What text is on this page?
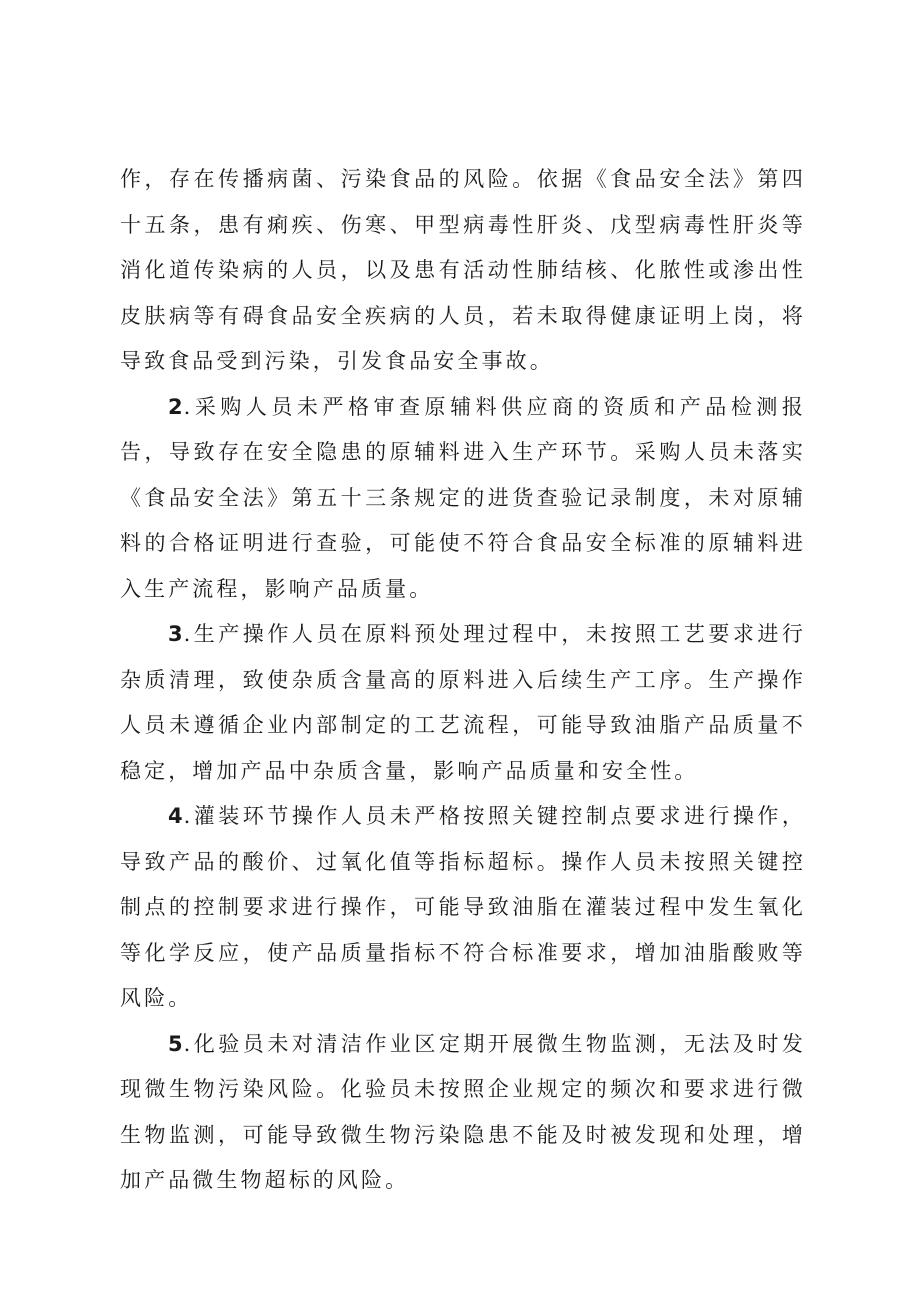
作，存在传播病菌、污染食品的风险。依据《食品安全法》第四十五条，患有痢疾、伤寒、甲型病毒性肝炎、戊型病毒性肝炎等消化道传染病的人员，以及患有活动性肺结核、化脓性或渗出性皮肤病等有碍食品安全疾病的人员，若未取得健康证明上岗，将导致食品受到污染，引发食品安全事故。

2.采购人员未严格审查原辅料供应商的资质和产品检测报告，导致存在安全隐患的原辅料进入生产环节。采购人员未落实《食品安全法》第五十三条规定的进货查验记录制度，未对原辅料的合格证明进行查验，可能使不符合食品安全标准的原辅料进入生产流程，影响产品质量。

3.生产操作人员在原料预处理过程中，未按照工艺要求进行杂质清理，致使杂质含量高的原料进入后续生产工序。生产操作人员未遵循企业内部制定的工艺流程，可能导致油脂产品质量不稳定，增加产品中杂质含量，影响产品质量和安全性。

4.灌装环节操作人员未严格按照关键控制点要求进行操作，导致产品的酸价、过氧化值等指标超标。操作人员未按照关键控制点的控制要求进行操作，可能导致油脂在灌装过程中发生氧化等化学反应，使产品质量指标不符合标准要求，增加油脂酸败等风险。

5.化验员未对清洁作业区定期开展微生物监测，无法及时发现微生物污染风险。化验员未按照企业规定的频次和要求进行微生物监测，可能导致微生物污染隐患不能及时被发现和处理，增加产品微生物超标的风险。
